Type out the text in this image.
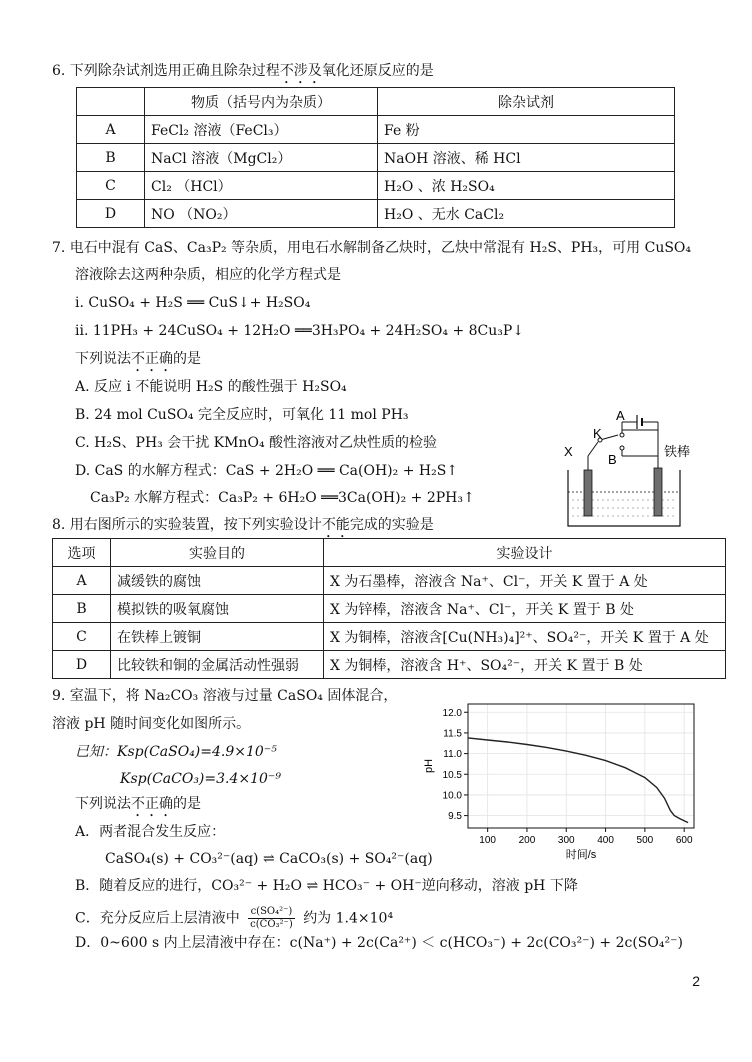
6. 下列除杂试剂选用正确且除杂过程不涉及氧化还原反应的是
	物质（括号内为杂质）	除杂试剂
A	FeCl₂ 溶液（FeCl₃）	Fe 粉
B	NaCl 溶液（MgCl₂）	NaOH 溶液、稀 HCl
C	Cl₂ （HCl）	H₂O 、浓 H₂SO₄
D	NO （NO₂）	H₂O 、无水 CaCl₂
7. 电石中混有 CaS、Ca₃P₂ 等杂质，用电石水解制备乙炔时，乙炔中常混有 H₂S、PH₃，可用 CuSO₄
溶液除去这两种杂质，相应的化学方程式是
i. CuSO₄ + H₂S ══ CuS↓+ H₂SO₄
ii. 11PH₃ + 24CuSO₄ + 12H₂O ══3H₃PO₄ + 24H₂SO₄ + 8Cu₃P↓
下列说法不正确的是
A. 反应 i 不能说明 H₂S 的酸性强于 H₂SO₄
B. 24 mol CuSO₄ 完全反应时，可氧化 11 mol PH₃
C. H₂S、PH₃ 会干扰 KMnO₄ 酸性溶液对乙炔性质的检验
D. CaS 的水解方程式：CaS + 2H₂O ══ Ca(OH)₂ + H₂S↑
Ca₃P₂ 水解方程式：Ca₃P₂ + 6H₂O ══3Ca(OH)₂ + 2PH₃↑
A
K
X
B
铁棒
8. 用右图所示的实验装置，按下列实验设计不能完成的实验是
选项	实验目的	实验设计
A	减缓铁的腐蚀	X 为石墨棒，溶液含 Na⁺、Cl⁻，开关 K 置于 A 处
B	模拟铁的吸氧腐蚀	X 为锌棒，溶液含 Na⁺、Cl⁻，开关 K 置于 B 处
C	在铁棒上镀铜	X 为铜棒，溶液含[Cu(NH₃)₄]²⁺、SO₄²⁻，开关 K 置于 A 处
D	比较铁和铜的金属活动性强弱	X 为铜棒，溶液含 H⁺、SO₄²⁻，开关 K 置于 B 处
9. 室温下，将 Na₂CO₃ 溶液与过量 CaSO₄ 固体混合，
溶液 pH 随时间变化如图所示。
已知：Ksp(CaSO₄)=4.9×10⁻⁵
Ksp(CaCO₃)=3.4×10⁻⁹
下列说法不正确的是
A．两者混合发生反应：
CaSO₄(s) + CO₃²⁻(aq) ⇌ CaCO₃(s) + SO₄²⁻(aq)
B．随着反应的进行，CO₃²⁻ + H₂O ⇌ HCO₃⁻ + OH⁻逆向移动，溶液 pH 下降
C．充分反应后上层清液中 $\frac{\text{c(SO₄²⁻)}}{\text{c(CO₃²⁻)}}$ 约为 1.4×10⁴
D．0~600 s 内上层清液中存在：c(Na⁺) + 2c(Ca²⁺) ＜ c(HCO₃⁻) + 2c(CO₃²⁻) + 2c(SO₄²⁻)
100 200 300 400 500 600
9.5
10.0
10.5
11.0
11.5
12.0
时间/s
pH
2
